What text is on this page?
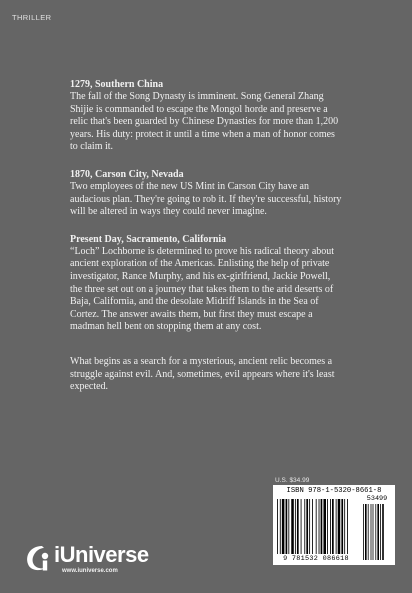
THRILLER

1279, Southern China

The fall of the Song Dynasty is imminent. Song General Zhang Shijie is commanded to escape the Mongol horde and preserve a relic that's been guarded by Chinese Dynasties for more than 1,200 years. His duty: protect it until a time when a man of honor comes to claim it.

1870, Carson City, Nevada

Two employees of the new US Mint in Carson City have an audacious plan. They're going to rob it. If they're successful, history will be altered in ways they could never imagine.

Present Day, Sacramento, California

“Loch” Lochborne is determined to prove his radical theory about ancient exploration of the Americas. Enlisting the help of private investigator, Rance Murphy, and his ex-girlfriend, Jackie Powell, the three set out on a journey that takes them to the arid deserts of Baja, California, and the desolate Midriff Islands in the Sea of Cortez. The answer awaits them, but first they must escape a madman hell bent on stopping them at any cost.

What begins as a search for a mysterious, ancient relic becomes a struggle against evil. And, sometimes, evil appears where it's least expected.

U.S. $34.99
ISBN 978-1-5320-8661-8
53499
9 781532 086618
iUniverse
www.iuniverse.com
